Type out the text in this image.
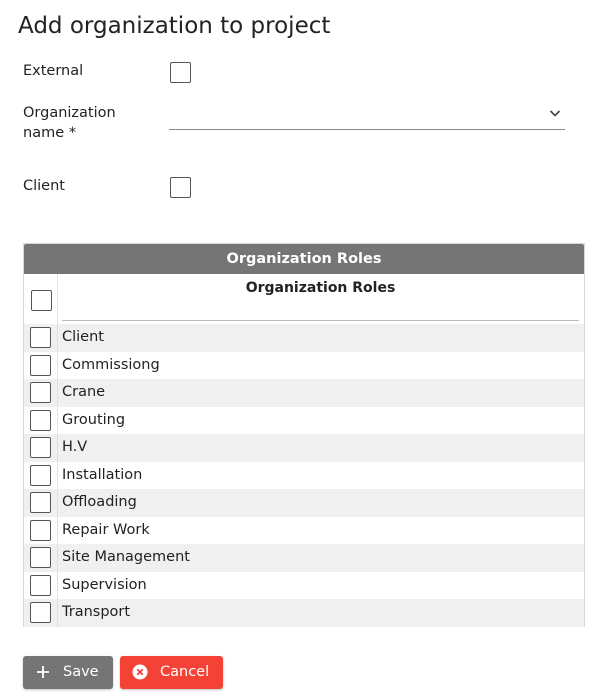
Add organization to project
External
Organization name *
Client
Organization Roles
Organization Roles
Client
Commissiong
Crane
Grouting
H.V
Installation
Offloading
Repair Work
Site Management
Supervision
Transport
Save	Cancel
